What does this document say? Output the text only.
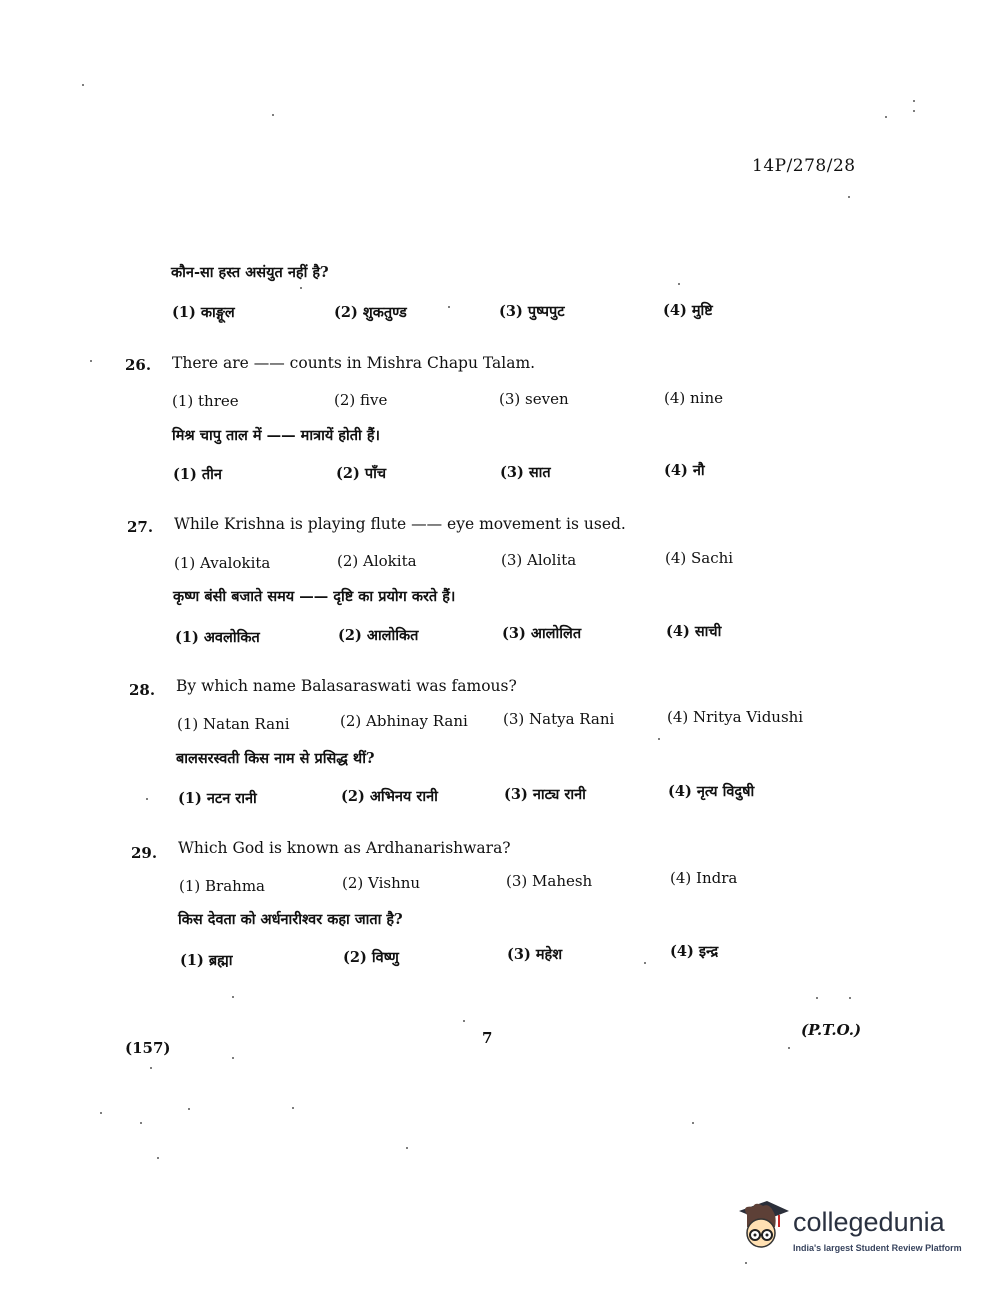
14P/278/28
कौन-सा हस्त असंयुत नहीं है?
(1) काङ्गूल	(2) शुकतुण्ड	(3) पुष्पपुट	(4) मुष्टि
26. There are —— counts in Mishra Chapu Talam.
(1) three	(2) five	(3) seven	(4) nine
मिश्र चापु ताल में —— मात्रायें होती हैं।
(1) तीन	(2) पाँच	(3) सात	(4) नौ
27. While Krishna is playing flute —— eye movement is used.
(1) Avalokita	(2) Alokita	(3) Alolita	(4) Sachi
कृष्ण बंसी बजाते समय —— दृष्टि का प्रयोग करते हैं।
(1) अवलोकित	(2) आलोकित	(3) आलोलित	(4) साची
28. By which name Balasaraswati was famous?
(1) Natan Rani	(2) Abhinay Rani (3) Natya Rani	(4) Nritya Vidushi
बालसरस्वती किस नाम से प्रसिद्ध थीं?
(1) नटन रानी	(2) अभिनय रानी	(3) नाट्य रानी	(4) नृत्य विदुषी
29. Which God is known as Ardhanarishwara?
(1) Brahma	(2) Vishnu	(3) Mahesh	(4) Indra
किस देवता को अर्धनारीश्वर कहा जाता है?
(1) ब्रह्मा	(2) विष्णु	(3) महेश	(4) इन्द्र
(157)
7	(P.T.O.)
collegedunia
India's largest Student Review Platform
